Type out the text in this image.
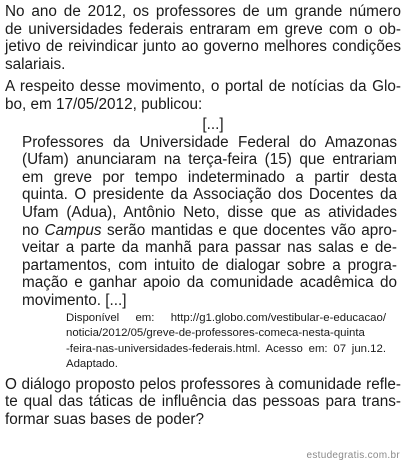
No ano de 2012, os professores de um grande número
de universidades federais entraram em greve com o ob-
jetivo de reivindicar junto ao governo melhores condições
salariais.

A respeito desse movimento, o portal de notícias da Glo-
bo, em 17/05/2012, publicou:

[...]

Professores da Universidade Federal do Amazonas
(Ufam) anunciaram na terça-feira (15) que entrariam
em greve por tempo indeterminado a partir desta
quinta. O presidente da Associação dos Docentes da
Ufam (Adua), Antônio Neto, disse que as atividades
no Campus serão mantidas e que docentes vão apro-
veitar a parte da manhã para passar nas salas e de-
partamentos, com intuito de dialogar sobre a progra-
mação e ganhar apoio da comunidade acadêmica do
movimento. [...]

Disponível em: http://g1.globo.com/vestibular-e-educacao/
noticia/2012/05/greve-de-professores-comeca-nesta-quinta
-feira-nas-universidades-federais.html. Acesso em: 07 jun.12.
Adaptado.

O diálogo proposto pelos professores à comunidade refle-
te qual das táticas de influência das pessoas para trans-
formar suas bases de poder?

estudegratis.com.br
